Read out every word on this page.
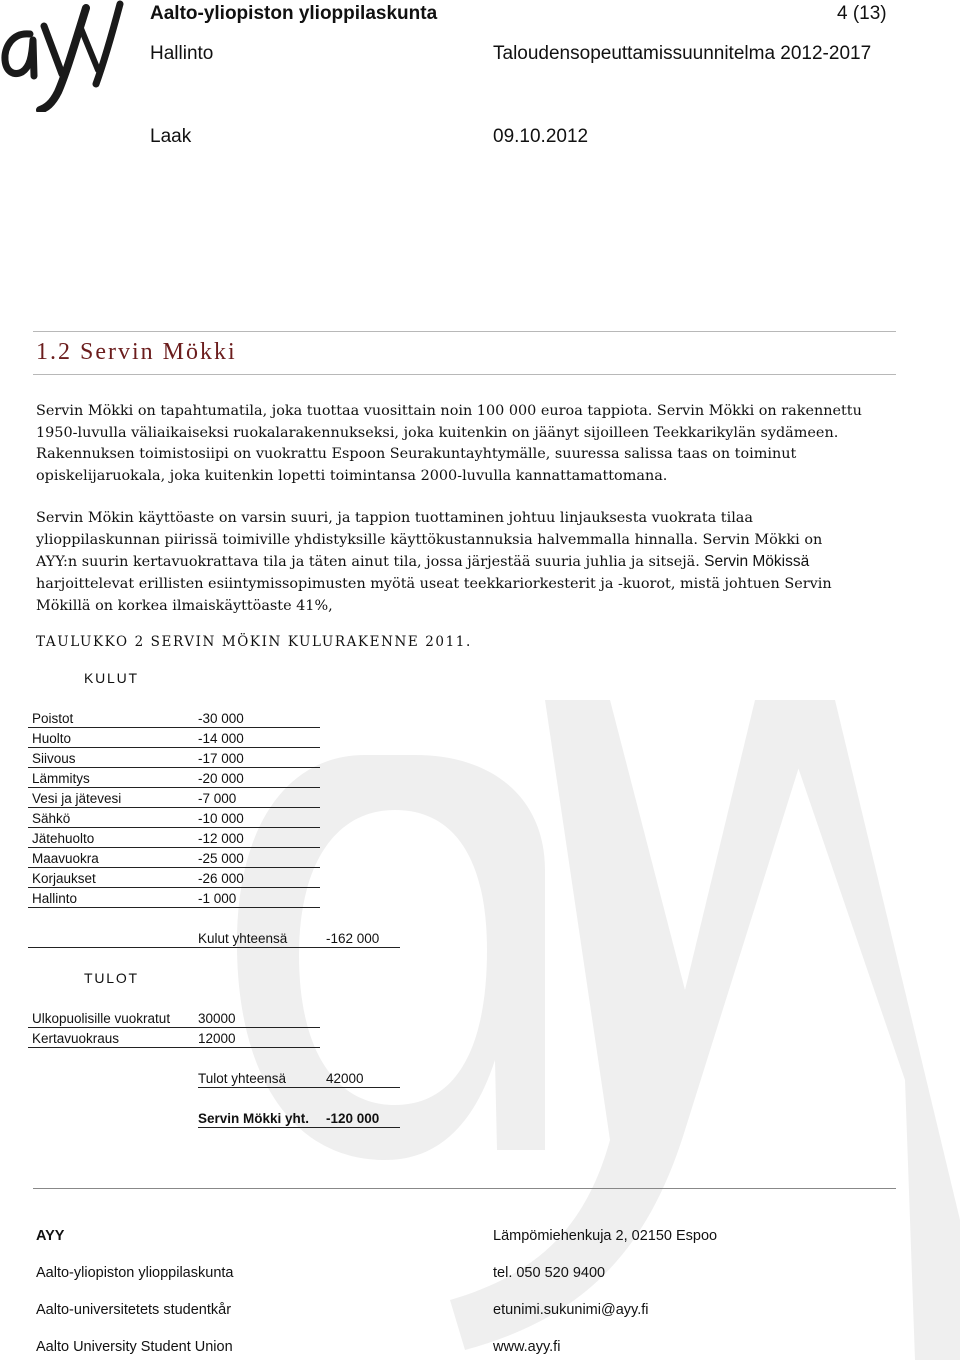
Aalto-yliopiston ylioppilaskunta	4 (13)
Hallinto	Taloudensopeuttamissuunnitelma 2012-2017
Laak	09.10.2012
1.2 Servin Mökki
Servin Mökki on tapahtumatila, joka tuottaa vuosittain noin 100 000 euroa tappiota. Servin Mökki on rakennettu
1950-luvulla väliaikaiseksi ruokalarakennukseksi, joka kuitenkin on jäänyt sijoilleen Teekkarikylän sydämeen.
Rakennuksen toimistosiipi on vuokrattu Espoon Seurakuntayhtymälle, suuressa salissa taas on toiminut
opiskelijaruokala, joka kuitenkin lopetti toimintansa 2000-luvulla kannattamattomana.
Servin Mökin käyttöaste on varsin suuri, ja tappion tuottaminen johtuu linjauksesta vuokrata tilaa
ylioppilaskunnan piirissä toimiville yhdistyksille käyttökustannuksia halvemmalla hinnalla. Servin Mökki on
AYY:n suurin kertavuokrattava tila ja täten ainut tila, jossa järjestää suuria juhlia ja sitsejä. Servin Mökissä
harjoittelevat erillisten esiintymissopimusten myötä useat teekkariorkesterit ja -kuorot, mistä johtuen Servin
Mökillä on korkea ilmaiskäyttöaste 41%,
TAULUKKO 2 SERVIN MÖKIN KULURAKENNE 2011.
KULUT
Poistot	-30 000
Huolto	-14 000
Siivous	-17 000
Lämmitys	-20 000
Vesi ja jätevesi	-7 000
Sähkö	-10 000
Jätehuolto	-12 000
Maavuokra	-25 000
Korjaukset	-26 000
Hallinto	-1 000
Kulut yhteensä	-162 000
TULOT
Ulkopuolisille vuokratut 30000
Kertavuokraus	12000
Tulot yhteensä	42000
Servin Mökki yht. -120 000
AYY	Lämpömiehenkuja 2, 02150 Espoo
Aalto-yliopiston ylioppilaskunta	tel. 050 520 9400
Aalto-universitetets studentkår	etunimi.sukunimi@ayy.fi
Aalto University Student Union	www.ayy.fi
